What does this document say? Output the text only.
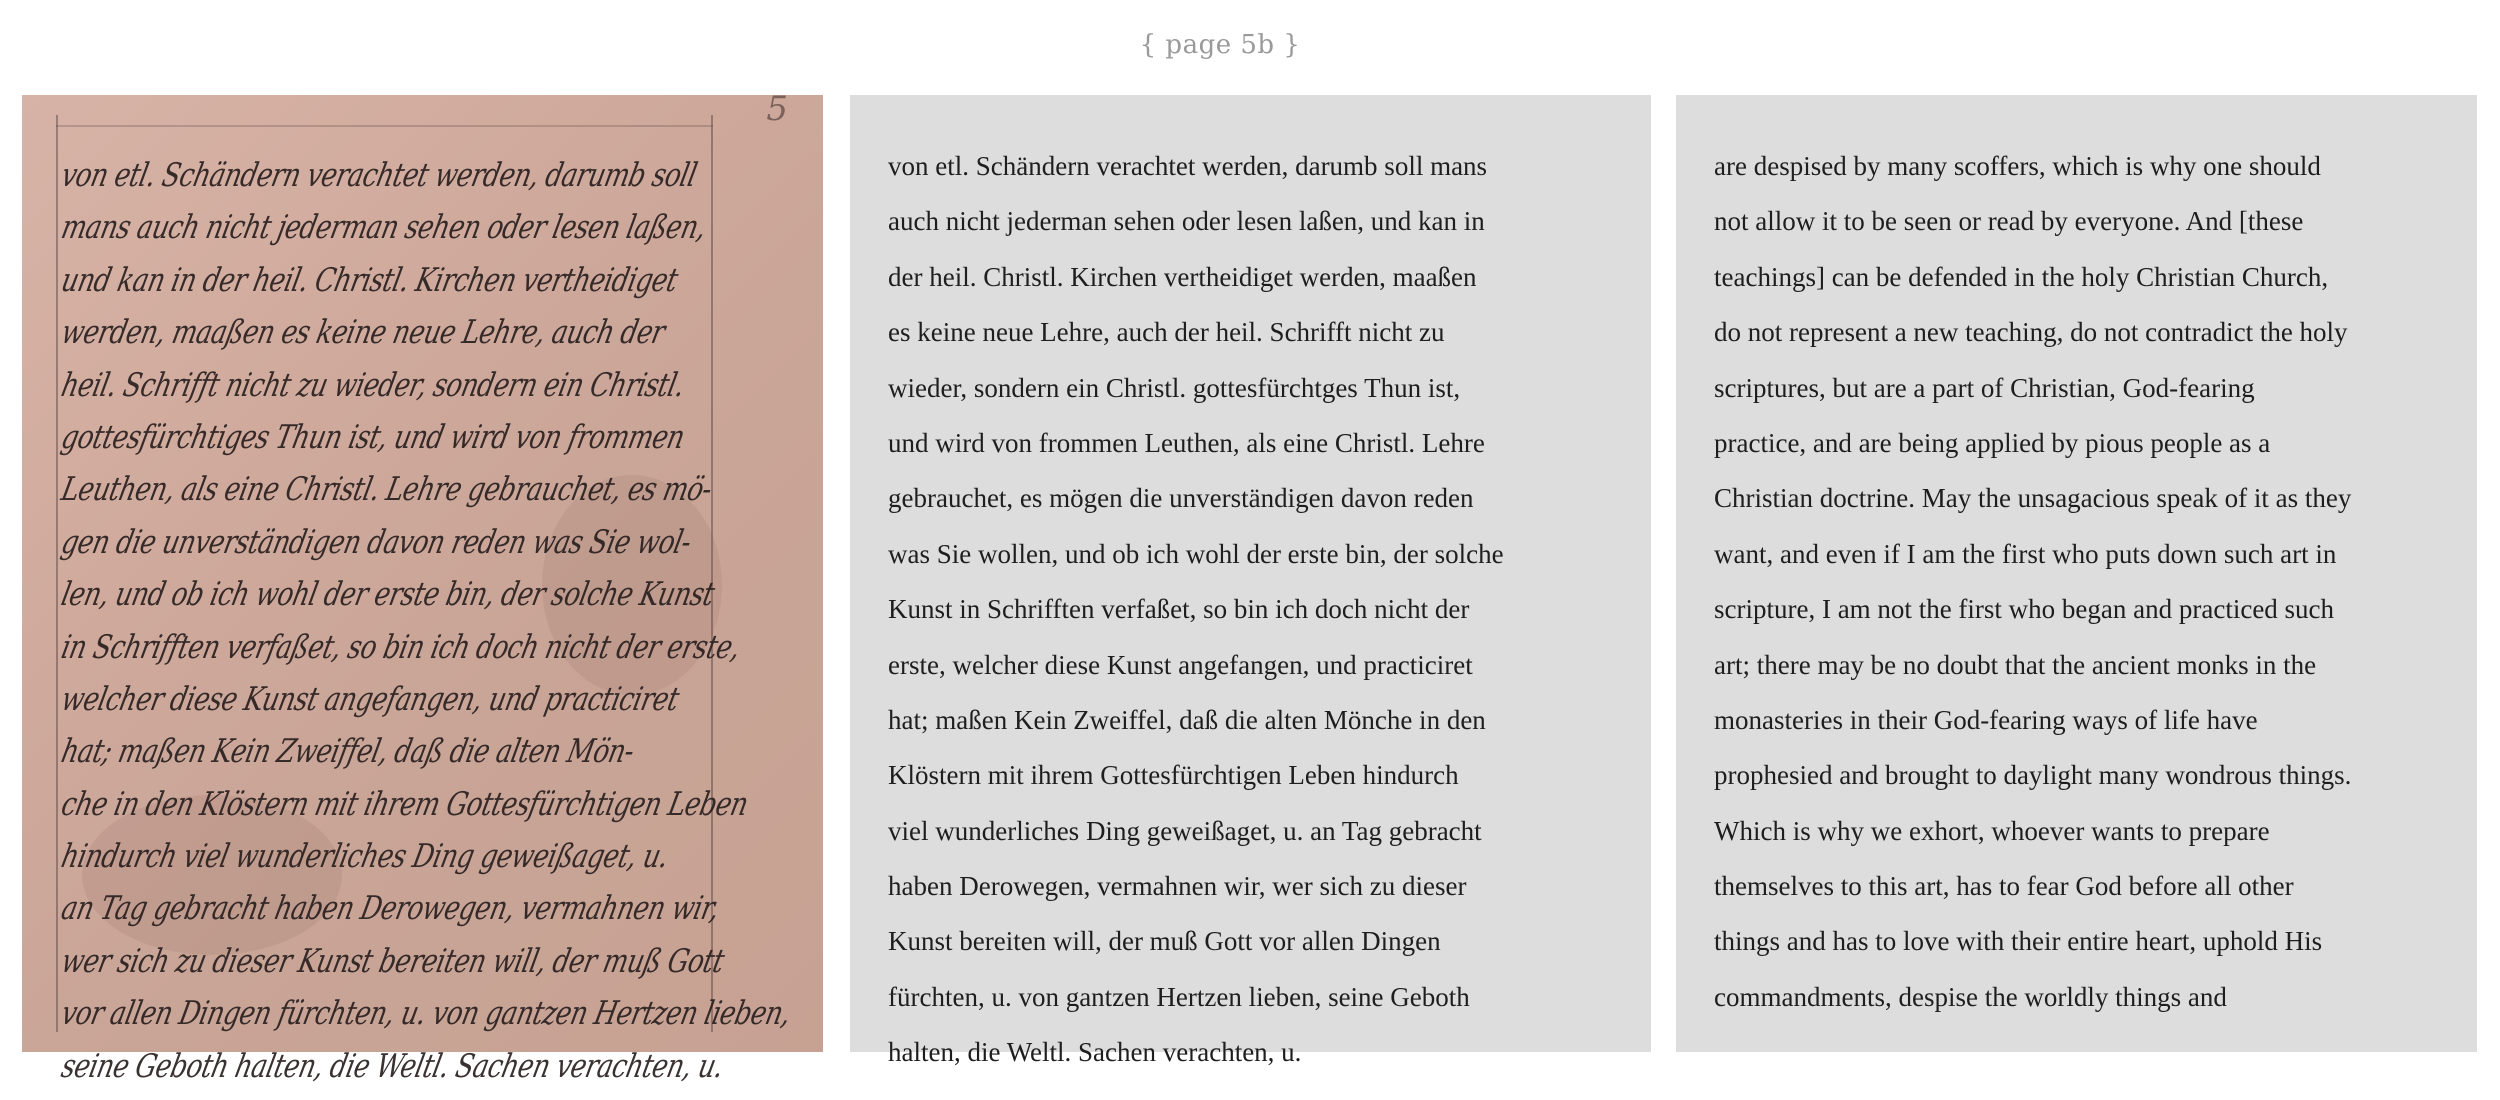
{ page 5b }
5
von etl. Schändern verachtet werden, darumb soll
mans auch nicht jederman sehen oder lesen laßen,
und kan in der heil. Christl. Kirchen vertheidiget
werden, maaßen es keine neue Lehre, auch der
heil. Schrifft nicht zu wieder, sondern ein Christl.
gottesfürchtiges Thun ist, und wird von frommen
Leuthen, als eine Christl. Lehre gebrauchet, es mö-
gen die unverständigen davon reden was Sie wol-
len, und ob ich wohl der erste bin, der solche Kunst
in Schrifften verfaßet, so bin ich doch nicht der erste,
welcher diese Kunst angefangen, und practiciret
hat; maßen Kein Zweiffel, daß die alten Mön-
che in den Klöstern mit ihrem Gottesfürchtigen Leben
hindurch viel wunderliches Ding geweißaget, u.
an Tag gebracht haben Derowegen, vermahnen wir,
wer sich zu dieser Kunst bereiten will, der muß Gott
vor allen Dingen fürchten, u. von gantzen Hertzen lieben,
seine Geboth halten, die Weltl. Sachen verachten, u.
von etl. Schändern verachtet werden, darumb soll mans
auch nicht jederman sehen oder lesen laßen, und kan in
der heil. Christl. Kirchen vertheidiget werden, maaßen
es keine neue Lehre, auch der heil. Schrifft nicht zu
wieder, sondern ein Christl. gottesfürchtges Thun ist,
und wird von frommen Leuthen, als eine Christl. Lehre
gebrauchet, es mögen die unverständigen davon reden
was Sie wollen, und ob ich wohl der erste bin, der solche
Kunst in Schrifften verfaßet, so bin ich doch nicht der
erste, welcher diese Kunst angefangen, und practiciret
hat; maßen Kein Zweiffel, daß die alten Mönche in den
Klöstern mit ihrem Gottesfürchtigen Leben hindurch
viel wunderliches Ding geweißaget, u. an Tag gebracht
haben Derowegen, vermahnen wir, wer sich zu dieser
Kunst bereiten will, der muß Gott vor allen Dingen
fürchten, u. von gantzen Hertzen lieben, seine Geboth
halten, die Weltl. Sachen verachten, u.
are despised by many scoffers, which is why one should
not allow it to be seen or read by everyone. And [these
teachings] can be defended in the holy Christian Church,
do not represent a new teaching, do not contradict the holy
scriptures, but are a part of Christian, God-fearing
practice, and are being applied by pious people as a
Christian doctrine. May the unsagacious speak of it as they
want, and even if I am the first who puts down such art in
scripture, I am not the first who began and practiced such
art; there may be no doubt that the ancient monks in the
monasteries in their God-fearing ways of life have
prophesied and brought to daylight many wondrous things.
Which is why we exhort, whoever wants to prepare
themselves to this art, has to fear God before all other
things and has to love with their entire heart, uphold His
commandments, despise the worldly things and
